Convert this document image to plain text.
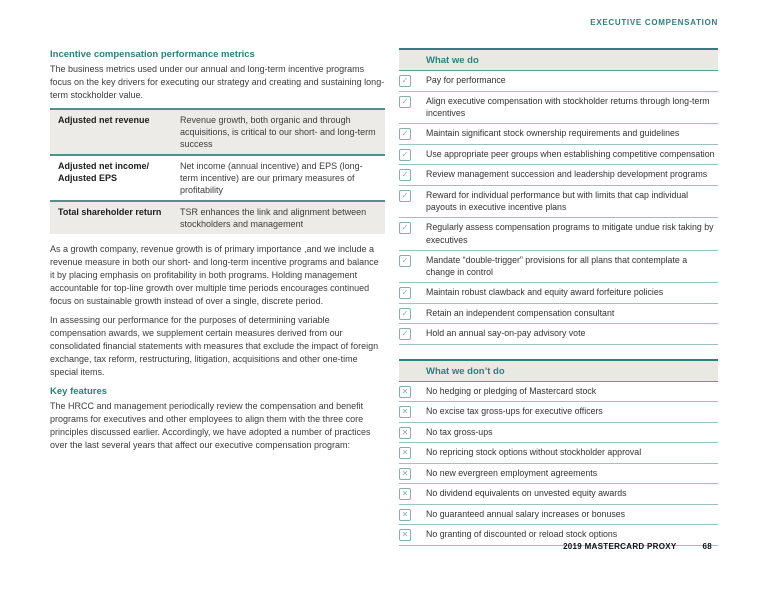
EXECUTIVE COMPENSATION
Incentive compensation performance metrics

The business metrics used under our annual and long-term incentive programs focus on the key drivers for executing our strategy and creating and sustaining long-term stockholder value.

Adjusted net revenue	Revenue growth, both organic and through acquisitions, is critical to our short- and long-term success
Adjusted net income/ Adjusted EPS	Net income (annual incentive) and EPS (long-term incentive) are our primary measures of profitability
Total shareholder return	TSR enhances the link and alignment between stockholders and management

As a growth company, revenue growth is of primary importance ,and we include a revenue measure in both our short- and long-term incentive programs and balance it by placing emphasis on profitability in both programs. Holding management accountable for top-line growth over multiple time periods encourages continued focus on sustainable growth instead of over a single, discrete period.

In assessing our performance for the purposes of determining variable compensation awards, we supplement certain measures derived from our consolidated financial statements with measures that exclude the impact of foreign exchange, tax reform, restructuring, litigation, acquisitions and other one-time special items.

Key features

The HRCC and management periodically review the compensation and benefit programs for executives and other employees to align them with the three core principles discussed earlier. Accordingly, we have adopted a number of practices over the last several years that affect our executive compensation program:

What we do
✓	Pay for performance
✓	Align executive compensation with stockholder returns through long-term incentives
✓	Maintain significant stock ownership requirements and guidelines
✓	Use appropriate peer groups when establishing competitive compensation
✓	Review management succession and leadership development programs
✓	Reward for individual performance but with limits that cap individual payouts in executive incentive plans
✓	Regularly assess compensation programs to mitigate undue risk taking by executives
✓	Mandate “double-trigger” provisions for all plans that contemplate a change in control
✓	Maintain robust clawback and equity award forfeiture policies
✓	Retain an independent compensation consultant
✓	Hold an annual say-on-pay advisory vote
What we don’t do
✕	No hedging or pledging of Mastercard stock
✕	No excise tax gross-ups for executive officers
✕	No tax gross-ups
✕	No repricing stock options without stockholder approval
✕	No new evergreen employment agreements
✕	No dividend equivalents on unvested equity awards
✕	No guaranteed annual salary increases or bonuses
✕	No granting of discounted or reload stock options
2019 MASTERCARD PROXY	68
